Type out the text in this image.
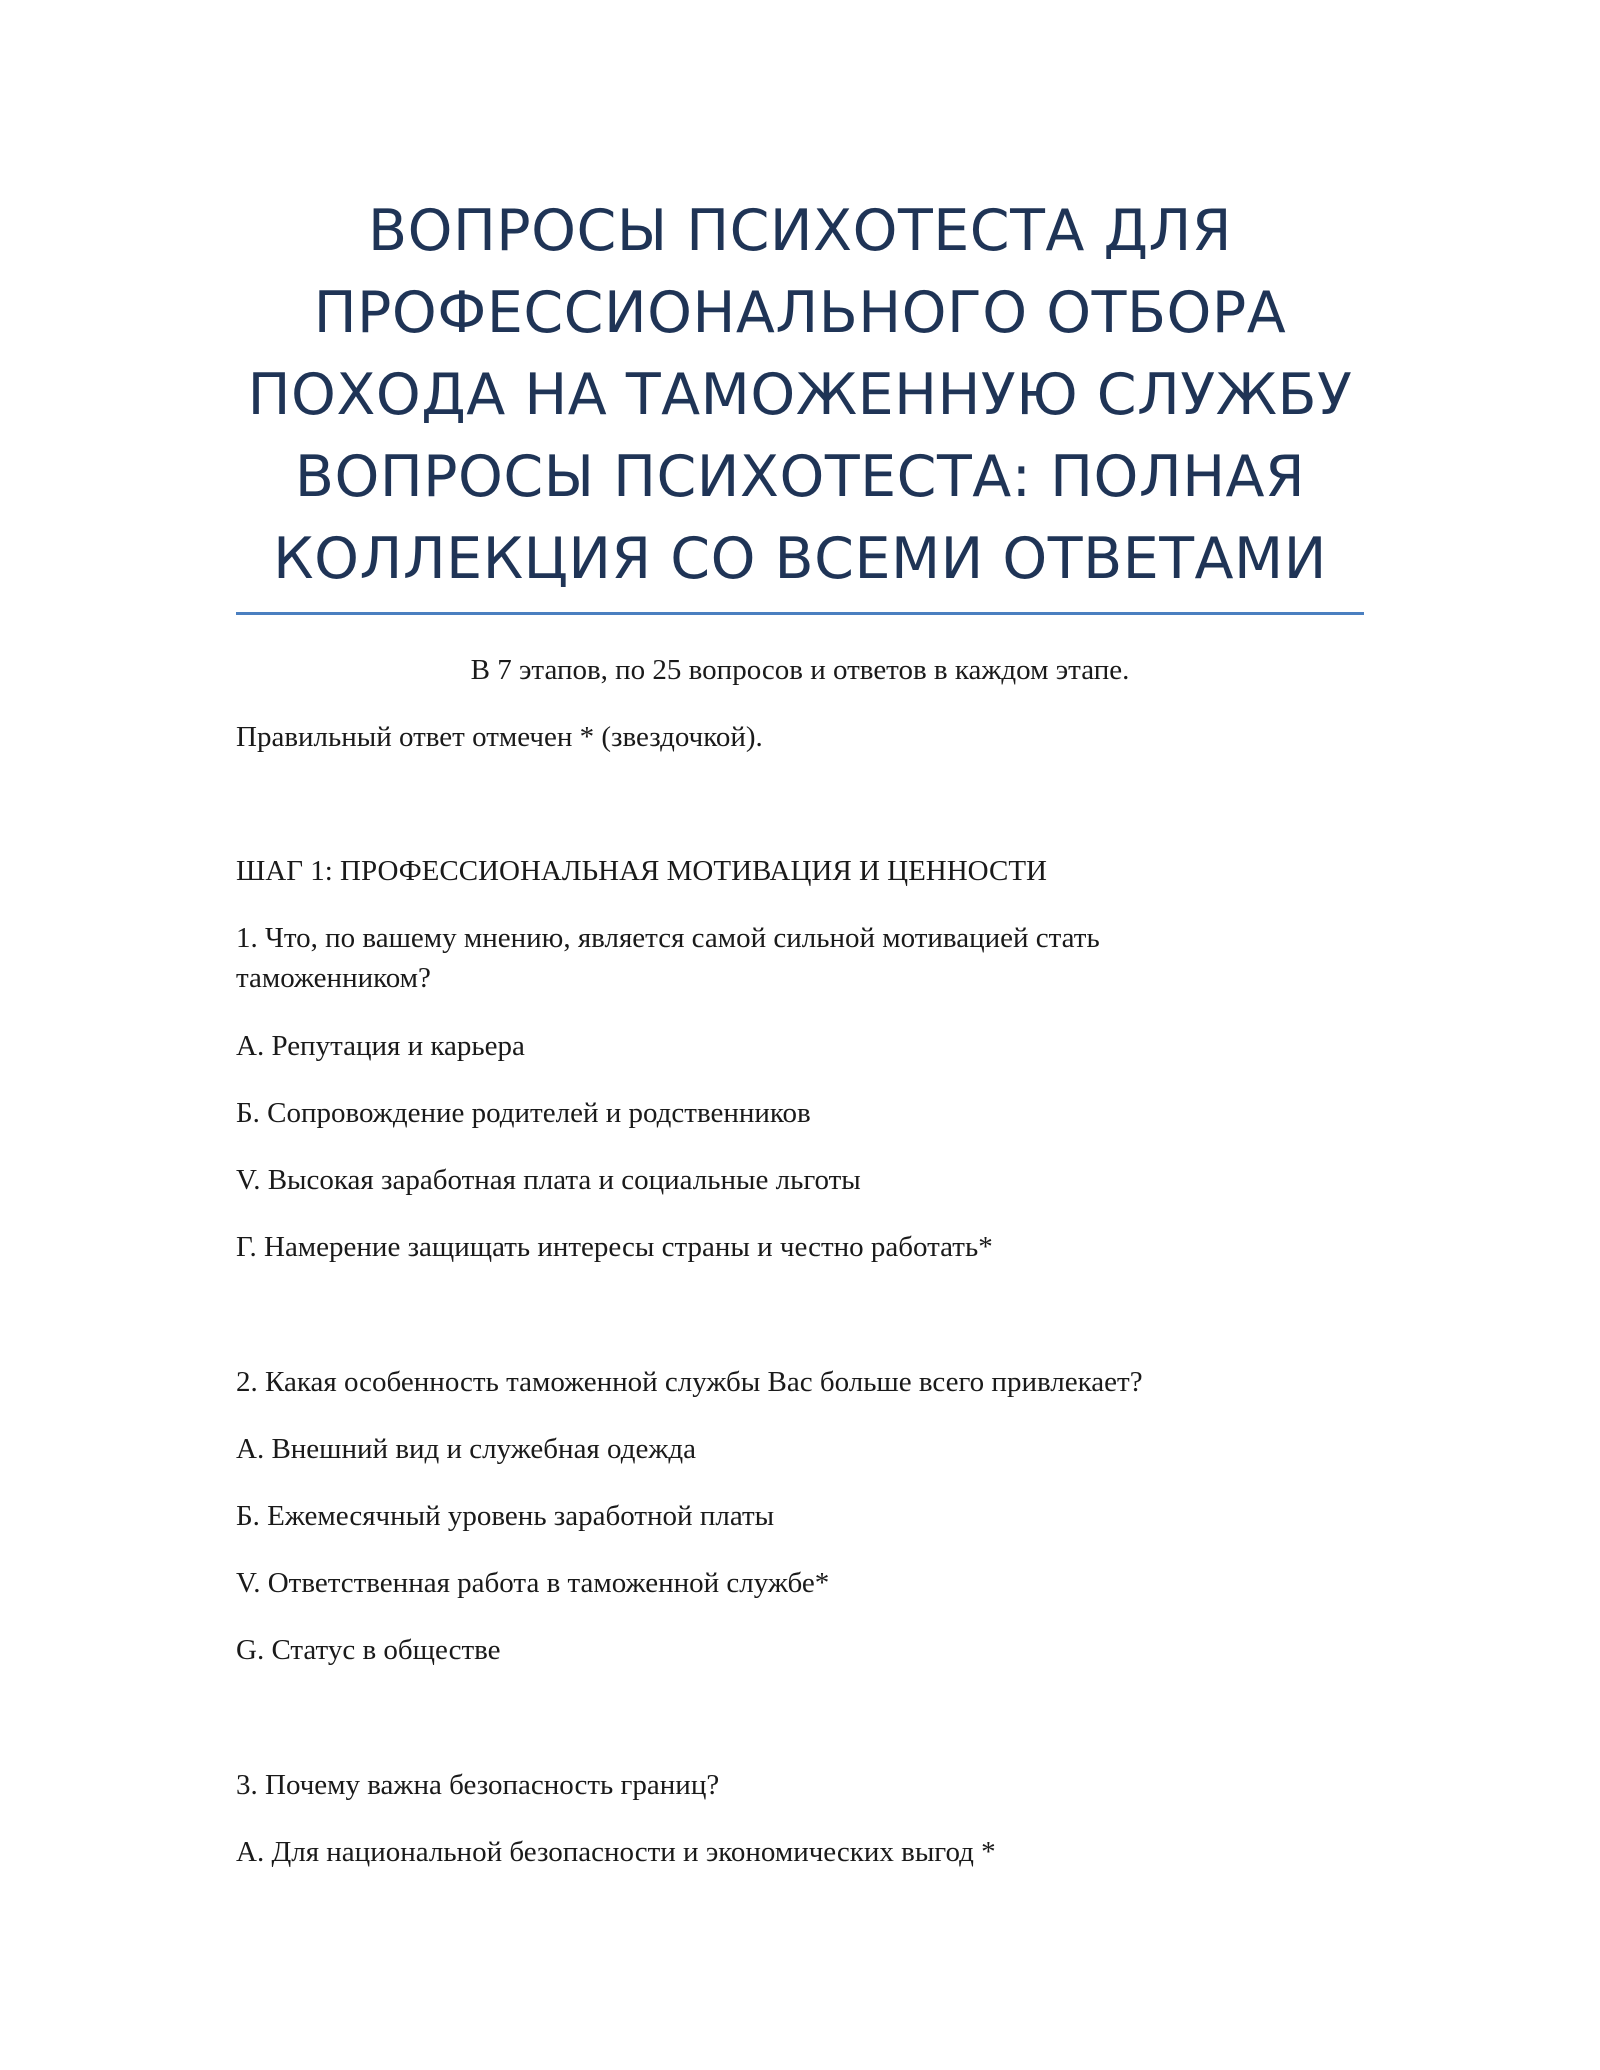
ВОПРОСЫ ПСИХОТЕСТА ДЛЯ
ПРОФЕССИОНАЛЬНОГО ОТБОРА
ПОХОДА НА ТАМОЖЕННУЮ СЛУЖБУ
ВОПРОСЫ ПСИХОТЕСТА: ПОЛНАЯ
КОЛЛЕКЦИЯ СО ВСЕМИ ОТВЕТАМИ
В 7 этапов, по 25 вопросов и ответов в каждом этапе.
Правильный ответ отмечен * (звездочкой).
ШАГ 1: ПРОФЕССИОНАЛЬНАЯ МОТИВАЦИЯ И ЦЕННОСТИ
1. Что, по вашему мнению, является самой сильной мотивацией стать
таможенником?
А. Репутация и карьера
Б. Сопровождение родителей и родственников
V. Высокая заработная плата и социальные льготы
Г. Намерение защищать интересы страны и честно работать*
2. Какая особенность таможенной службы Вас больше всего привлекает?
А. Внешний вид и служебная одежда
Б. Ежемесячный уровень заработной платы
V. Ответственная работа в таможенной службе*
G. Статус в обществе
3. Почему важна безопасность границ?
А. Для национальной безопасности и экономических выгод *
